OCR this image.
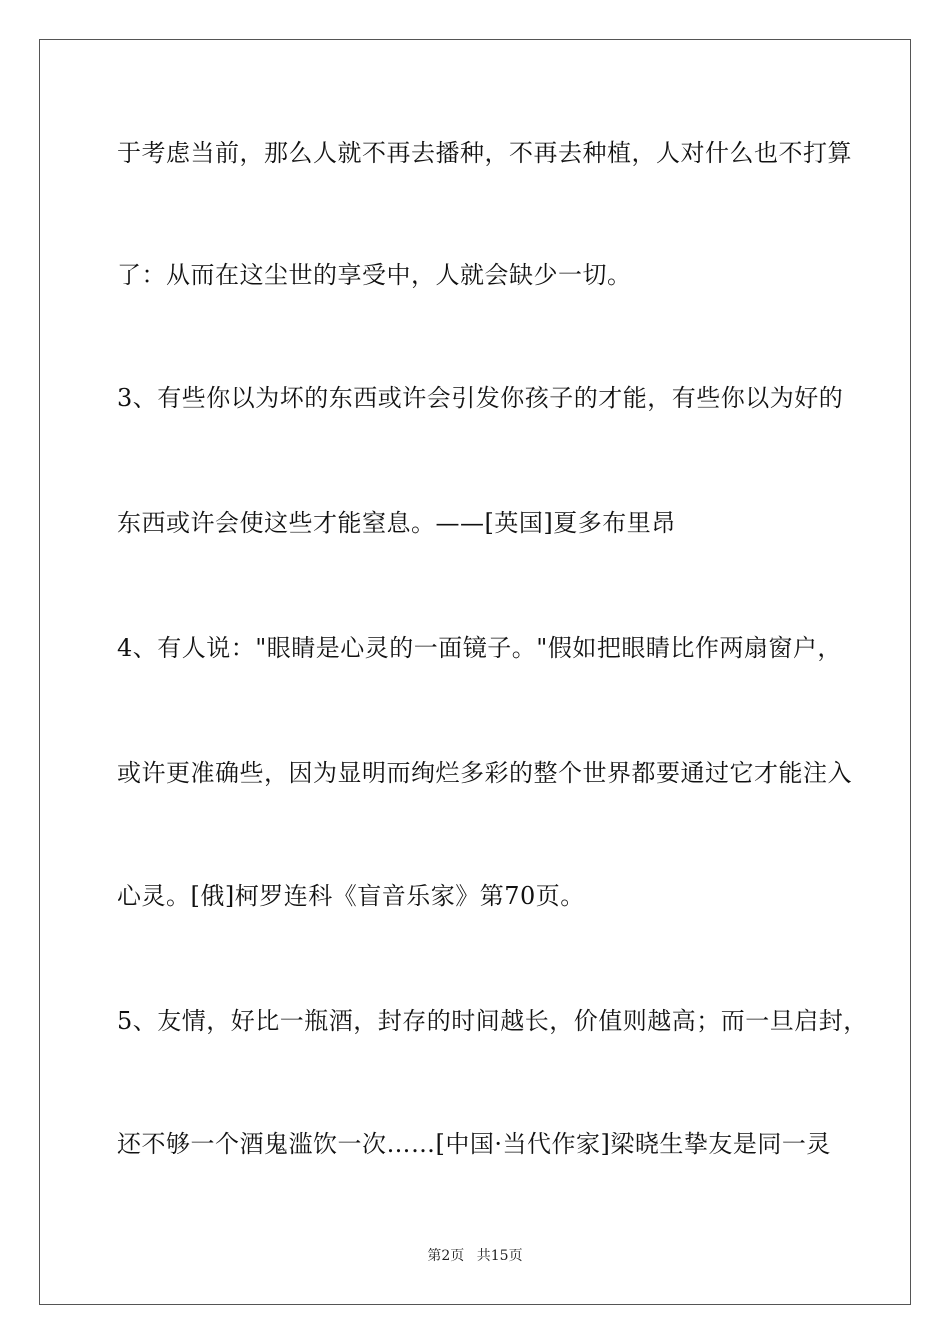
于考虑当前，那么人就不再去播种，不再去种植，人对什么也不打算

了：从而在这尘世的享受中，人就会缺少一切。

3、有些你以为坏的东西或许会引发你孩子的才能，有些你以为好的

东西或许会使这些才能窒息。——[英国]夏多布里昂

4、有人说："眼睛是心灵的一面镜子。"假如把眼睛比作两扇窗户，

或许更准确些，因为显明而绚烂多彩的整个世界都要通过它才能注入

心灵。[俄]柯罗连科《盲音乐家》第70页。

5、友情，好比一瓶酒，封存的时间越长，价值则越高；而一旦启封，

还不够一个酒鬼滥饮一次……[中国·当代作家]梁晓生挚友是同一灵

第2页 共15页
